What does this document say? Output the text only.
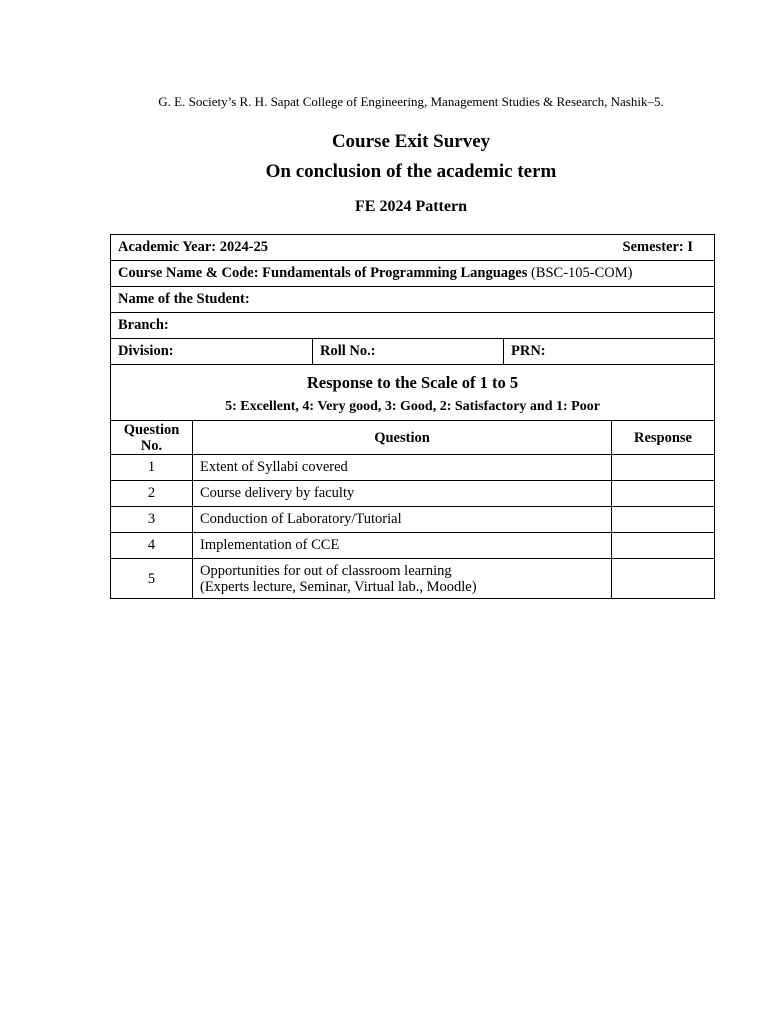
G. E. Society’s R. H. Sapat College of Engineering, Management Studies & Research, Nashik–5.
Course Exit Survey
On conclusion of the academic term
FE 2024 Pattern
Academic Year: 2024-25 Semester: I				

Course Name & Code: Fundamentals of Programming Languages (BSC-105-COM)				
Name of the Student:				
Branch:				
Division:		Roll No.:	PRN:	

Response to the Scale of 1 to 5
5: Excellent, 4: Very good, 3: Good, 2: Satisfactory and 1: Poor				

Question
No.	Question			Response
1	Extent of Syllabi covered			
2	Course delivery by faculty			
3	Conduction of Laboratory/Tutorial			
4	Implementation of CCE			
5	Opportunities for out of classroom learning
(Experts lecture, Seminar, Virtual lab., Moodle)			
